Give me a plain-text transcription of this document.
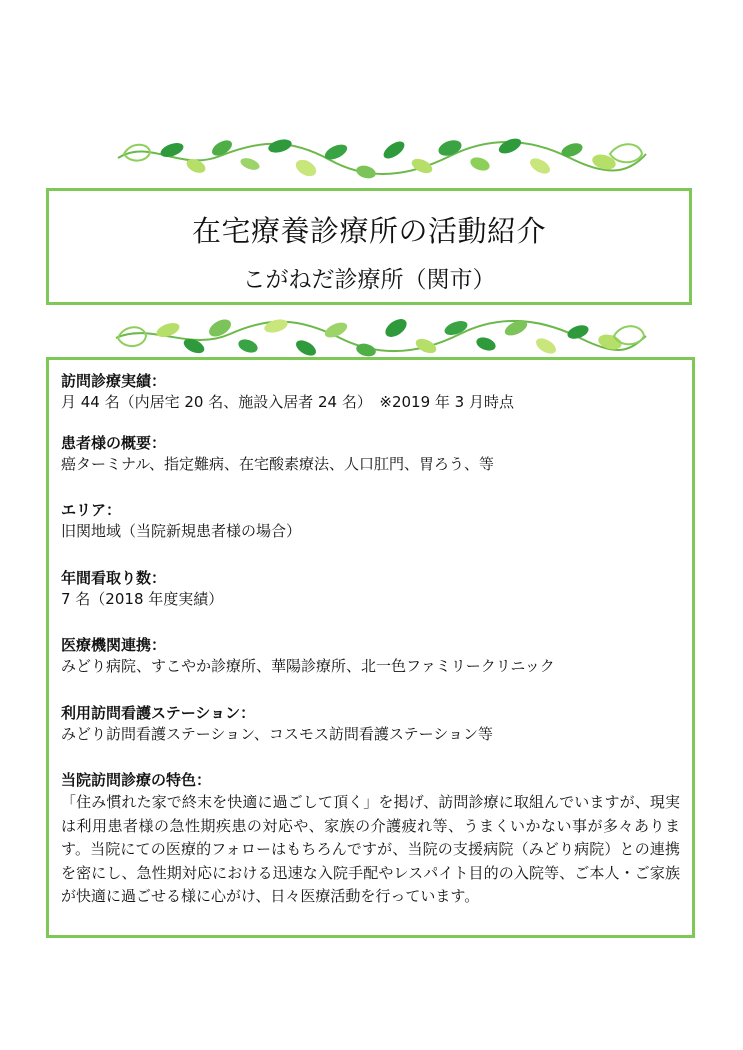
在宅療養診療所の活動紹介
こがねだ診療所（関市）
訪問診療実績：
月 44 名（内居宅 20 名、施設入居者 24 名）　※2019 年 3 月時点
患者様の概要：
癌ターミナル、指定難病、在宅酸素療法、人口肛門、胃ろう、等
エリア：
旧関地域（当院新規患者様の場合）
年間看取り数：
7 名（2018 年度実績）
医療機関連携：
みどり病院、すこやか診療所、華陽診療所、北一色ファミリークリニック
利用訪問看護ステーション：
みどり訪問看護ステーション、コスモス訪問看護ステーション等
当院訪問診療の特色：
「住み慣れた家で終末を快適に過ごして頂く」を掲げ、訪問診療に取組んでいますが、現実は利用患者様の急性期疾患の対応や、家族の介護疲れ等、うまくいかない事が多々あります。当院にての医療的フォローはもちろんですが、当院の支援病院（みどり病院）との連携を密にし、急性期対応における迅速な入院手配やレスパイト目的の入院等、ご本人・ご家族が快適に過ごせる様に心がけ、日々医療活動を行っています。
